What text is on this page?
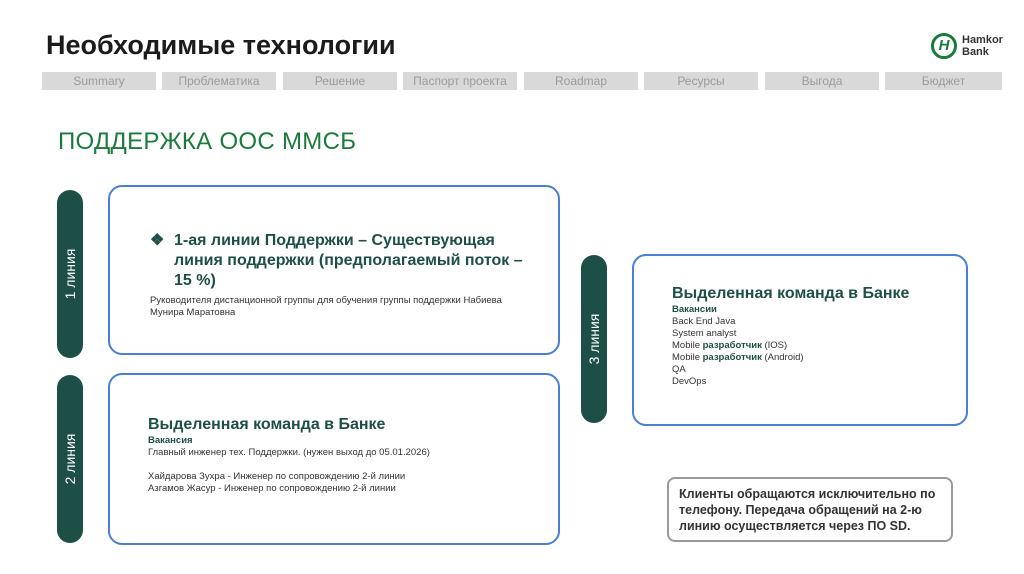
Необходимые технологии	H	Hamkor
Bank
Summary	Проблематика	Решение	Паспорт проекта	Roadmap	Ресурсы	Выгода	Бюджет
ПОДДЕРЖКА ООС ММСБ
1 линия
2 линия
3 линия
❖ 1-ая линии Поддержки – Существующая линия поддержки (предполагаемый поток – 15 %)
Руководителя дистанционной группы для обучения группы поддержки Набиева Мунира Маратовна
Выделенная команда в Банке
Вакансия
Главный инженер тех. Поддержки. (нужен выход до 05.01.2026)
Хайдарова Зухра - Инженер по сопровождению 2-й линии
Азгамов Жасур - Инженер по сопровождению 2-й линии
Выделенная команда в Банке
Вакансии
Back End Java
System analyst
Mobile разработчик (IOS)
Mobile разработчик (Android)
QA
DevOps
Клиенты обращаются исключительно по телефону. Передача обращений на 2-ю линию осуществляется через ПО SD.
